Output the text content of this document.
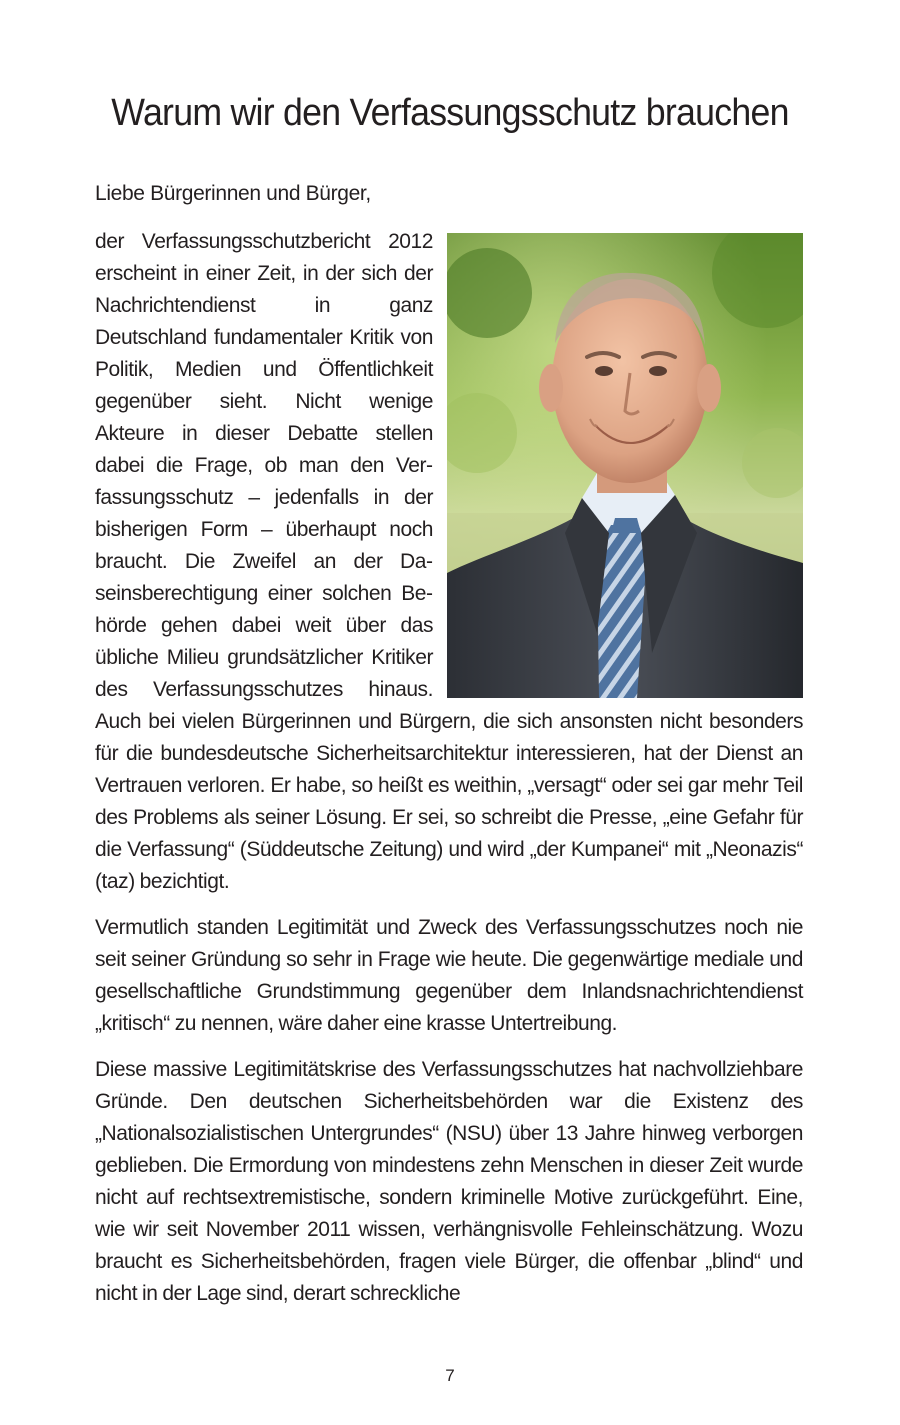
Warum wir den Verfassungsschutz brauchen

Liebe Bürgerinnen und Bürger,

der Verfassungsschutzbericht 2012 erscheint in einer Zeit, in der sich der Nachrichtendienst in ganz Deutschland fundamentaler Kritik von Politik, Medien und Öffentlichkeit gegenüber sieht. Nicht wenige Akteure in dieser Debatte stellen dabei die Frage, ob man den Verfassungsschutz – jedenfalls in der bisherigen Form – überhaupt noch braucht. Die Zweifel an der Daseinsberechtigung einer solchen Behörde gehen dabei weit über das übliche Milieu grundsätzlicher Kritiker des Verfassungsschutzes hinaus. Auch bei vielen Bürgerinnen und Bürgern, die sich ansonsten nicht besonders für die bundesdeutsche Sicherheitsarchitektur interessieren, hat der Dienst an Vertrauen verloren. Er habe, so heißt es weithin, „versagt“ oder sei gar mehr Teil des Problems als seiner Lösung. Er sei, so schreibt die Presse, „eine Gefahr für die Verfassung“ (Süddeutsche Zeitung) und wird „der Kumpanei“ mit „Neonazis“ (taz) bezichtigt.

Vermutlich standen Legitimität und Zweck des Verfassungsschutzes noch nie seit seiner Gründung so sehr in Frage wie heute. Die gegenwärtige mediale und gesellschaftliche Grundstimmung gegenüber dem Inlandsnachrichtendienst „kritisch“ zu nennen, wäre daher eine krasse Untertreibung.

Diese massive Legitimitätskrise des Verfassungsschutzes hat nachvollziehbare Gründe. Den deutschen Sicherheitsbehörden war die Existenz des „Nationalsozialistischen Untergrundes“ (NSU) über 13 Jahre hinweg verborgen geblieben. Die Ermordung von mindestens zehn Menschen in dieser Zeit wurde nicht auf rechtsextremistische, sondern kriminelle Motive zurückgeführt. Eine, wie wir seit November 2011 wissen, verhängnisvolle Fehleinschätzung. Wozu braucht es Sicherheitsbehörden, fragen viele Bürger, die offenbar „blind“ und nicht in der Lage sind, derart schreckliche

7
